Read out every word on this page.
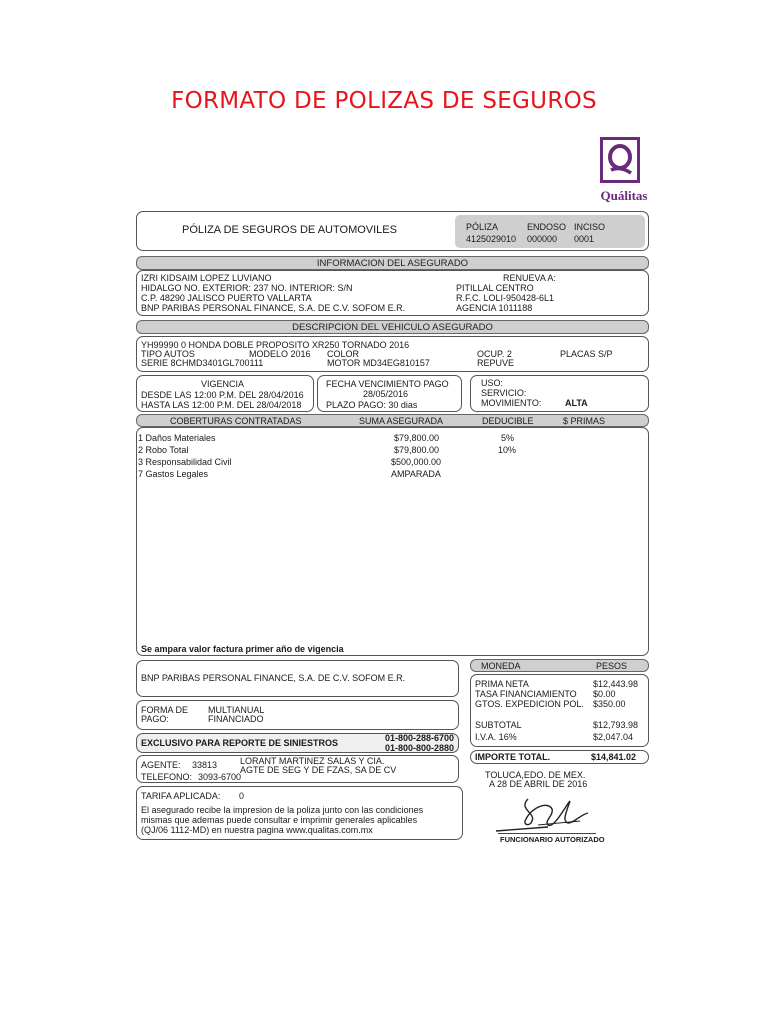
FORMATO DE POLIZAS DE SEGUROS
Quálitas
PÓLIZA DE SEGUROS DE AUTOMOVILES	PÓLIZA	ENDOSO INCISO
4125029010 000000 0001
INFORMACION DEL ASEGURADO
IZRI KIDSAIM LOPEZ LUVIANO
HIDALGO NO. EXTERIOR: 237 NO. INTERIOR: S/N
C.P. 48290 JALISCO PUERTO VALLARTA
BNP PARIBAS PERSONAL FINANCE, S.A. DE C.V. SOFOM E.R.
RENUEVA A:
PITILLAL CENTRO
R.F.C. LOLI-950428-6L1
AGENCIA 1011188
DESCRIPCION DEL VEHICULO ASEGURADO
YH99990 0 HONDA DOBLE PROPOSITO XR250 TORNADO 2016
TIPO AUTOS	MODELO 2016 COLOR	OCUP. 2	PLACAS S/P
SERIE 8CHMD3401GL700111	MOTOR MD34EG810157	REPUVE
VIGENCIA
DESDE LAS 12:00 P.M. DEL 28/04/2016
HASTA LAS 12:00 P.M. DEL 28/04/2018
FECHA VENCIMIENTO PAGO
28/05/2016
PLAZO PAGO: 30 dias
USO:
SERVICIO:
MOVIMIENTO:	ALTA
COBERTURAS CONTRATADAS	SUMA ASEGURADA	DEDUCIBLE	$ PRIMAS
1 Daños Materiales	$79,800.00	5%
2 Robo Total	$79,800.00	10%
3 Responsabilidad Civil	$500,000.00
7 Gastos Legales	AMPARADA
Se ampara valor factura primer año de vigencia
BNP PARIBAS PERSONAL FINANCE, S.A. DE C.V. SOFOM E.R.
FORMA DE
PAGO:
MULTIANUAL
FINANCIADO
EXCLUSIVO PARA REPORTE DE SINIESTROS	01-800-288-6700
01-800-800-2880
AGENTE: 33813	LORANT MARTINEZ SALAS Y CIA.
AGTE DE SEG Y DE FZAS, SA DE CV
TELEFONO: 3093-6700
TARIFA APLICADA: 0
El asegurado recibe la impresion de la poliza junto con las condiciones
mismas que ademas puede consultar e imprimir generales aplicables
(QJ/06 1112-MD) en nuestra pagina www.qualitas.com.mx
MONEDA	PESOS
PRIMA NETA	$12,443.98
TASA FINANCIAMIENTO $0.00
GTOS. EXPEDICION POL. $350.00
SUBTOTAL	$12,793.98
I.V.A. 16%	$2,047.04
IMPORTE TOTAL.	$14,841.02
TOLUCA,EDO. DE MEX.
A 28 DE ABRIL DE 2016
FUNCIONARIO AUTORIZADO
